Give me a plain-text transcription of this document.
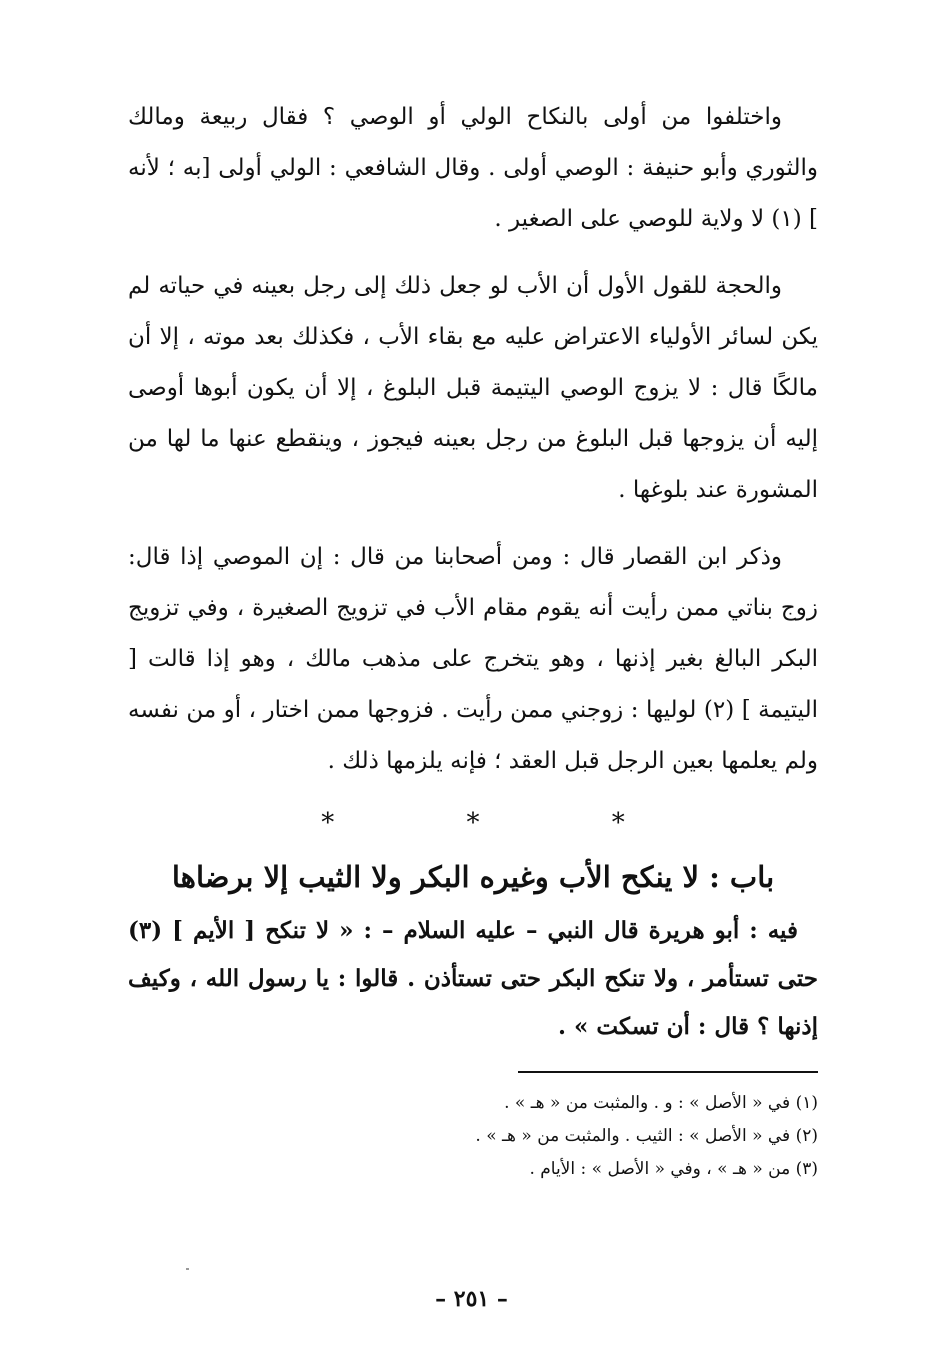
واختلفوا من أولى بالنكاح الولي أو الوصي ؟ فقال ربيعة ومالك والثوري وأبو حنيفة : الوصي أولى . وقال الشافعي : الولي أولى [به ؛ لأنه ] (١) لا ولاية للوصي على الصغير .

والحجة للقول الأول أن الأب لو جعل ذلك إلى رجل بعينه في حياته لم يكن لسائر الأولياء الاعتراض عليه مع بقاء الأب ، فكذلك بعد موته ، إلا أن مالكًا قال : لا يزوج الوصي اليتيمة قبل البلوغ ، إلا أن يكون أبوها أوصى إليه أن يزوجها قبل البلوغ من رجل بعينه فيجوز ، وينقطع عنها ما لها من المشورة عند بلوغها .

وذكر ابن القصار قال : ومن أصحابنا من قال : إن الموصي إذا قال: زوج بناتي ممن رأيت أنه يقوم مقام الأب في تزويج الصغيرة ، وفي تزويج البكر البالغ بغير إذنها ، وهو يتخرج على مذهب مالك ، وهو إذا قالت [ اليتيمة ] (٢) لوليها : زوجني ممن رأيت . فزوجها ممن اختار ، أو من نفسه ولم يعلمها بعين الرجل قبل العقد ؛ فإنه يلزمها ذلك .

* * *
باب : لا ينكح الأب وغيره البكر ولا الثيب إلا برضاها

فيه : أبو هريرة قال النبي – عليه السلام – : « لا تنكح [ الأيم ] (٣) حتى تستأمر ، ولا تنكح البكر حتى تستأذن . قالوا : يا رسول الله ، وكيف إذنها ؟ قال : أن تسكت » .

(١) في « الأصل » : و . والمثبت من « هـ » .
(٢) في « الأصل » : الثيب . والمثبت من « هـ » .
(٣) من « هـ » ، وفي « الأصل » : الأيام .
– ٢٥١ –
